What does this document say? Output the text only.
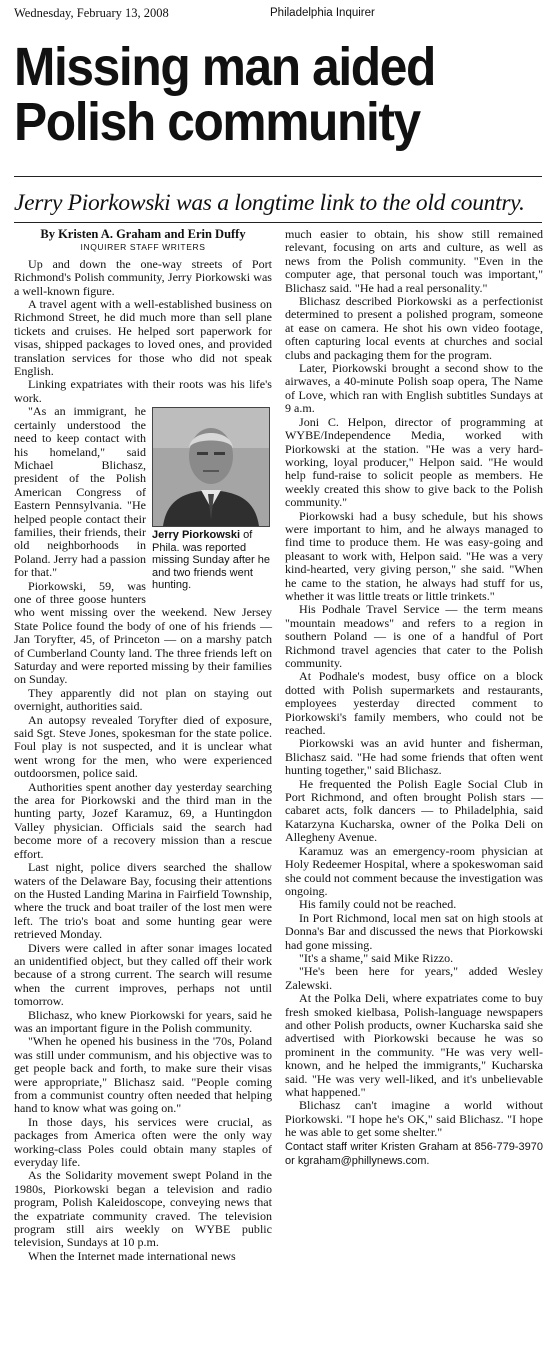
Wednesday, February 13, 2008	Philadelphia Inquirer
Missing man aided Polish community
Jerry Piorkowski was a longtime link to the old country.
By Kristen A. Graham and Erin Duffy
INQUIRER STAFF WRITERS

Up and down the one-way streets of Port Richmond's Polish community, Jerry Piorkowski was a well-known figure.

A travel agent with a well-established business on Richmond Street, he did much more than sell plane tickets and cruises. He helped sort paperwork for visas, shipped packages to loved ones, and provided translation services for those who did not speak English.

Linking expatriates with their roots was his life's work.

Jerry Piorkowski of Phila. was reported missing Sunday after he and two friends went hunting.

"As an immigrant, he certainly understood the need to keep contact with his homeland," said Michael Blichasz, president of the Polish American Congress of Eastern Pennsylvania. "He helped people contact their families, their friends, their old neighborhoods in Poland. Jerry had a passion for that."

Piorkowski, 59, was one of three goose hunters who went missing over the weekend. New Jersey State Police found the body of one of his friends — Jan Toryfter, 45, of Princeton — on a marshy patch of Cumberland County land. The three friends left on Saturday and were reported missing by their families on Sunday.

They apparently did not plan on staying out overnight, authorities said.

An autopsy revealed Toryfter died of exposure, said Sgt. Steve Jones, spokesman for the state police. Foul play is not suspected, and it is unclear what went wrong for the men, who were experienced outdoorsmen, police said.

Authorities spent another day yesterday searching the area for Piorkowski and the third man in the hunting party, Jozef Karamuz, 69, a Huntingdon Valley physician. Officials said the search had become more of a recovery mission than a rescue effort.

Last night, police divers searched the shallow waters of the Delaware Bay, focusing their attentions on the Husted Landing Marina in Fairfield Township, where the truck and boat trailer of the lost men were left. The trio's boat and some hunting gear were retrieved Monday.

Divers were called in after sonar images located an unidentified object, but they called off their work because of a strong current. The search will resume when the current improves, perhaps not until tomorrow.

Blichasz, who knew Piorkowski for years, said he was an important figure in the Polish community.

"When he opened his business in the '70s, Poland was still under communism, and his objective was to get people back and forth, to make sure their visas were appropriate," Blichasz said. "People coming from a communist country often needed that helping hand to know what was going on."

In those days, his services were crucial, as packages from America often were the only way working-class Poles could obtain many staples of everyday life.

As the Solidarity movement swept Poland in the 1980s, Piorkowski began a television and radio program, Polish Kaleidoscope, conveying news that the expatriate community craved. The television program still airs weekly on WYBE public television, Sundays at 10 p.m.

When the Internet made international news

much easier to obtain, his show still remained relevant, focusing on arts and culture, as well as news from the Polish community. "Even in the computer age, that personal touch was important," Blichasz said. "He had a real personality."

Blichasz described Piorkowski as a perfectionist determined to present a polished program, someone at ease on camera. He shot his own video footage, often capturing local events at churches and social clubs and packaging them for the program.

Later, Piorkowski brought a second show to the airwaves, a 40-minute Polish soap opera, The Name of Love, which ran with English subtitles Sundays at 9 a.m.

Joni C. Helpon, director of programming at WYBE/Independence Media, worked with Piorkowski at the station. "He was a very hard-working, loyal producer," Helpon said. "He would help fund-raise to solicit people as members. He weekly created this show to give back to the Polish community."

Piorkowski had a busy schedule, but his shows were important to him, and he always managed to find time to produce them. He was easy-going and pleasant to work with, Helpon said. "He was a very kind-hearted, very giving person," she said. "When he came to the station, he always had stuff for us, whether it was little treats or little trinkets."

His Podhale Travel Service — the term means "mountain meadows" and refers to a region in southern Poland — is one of a handful of Port Richmond travel agencies that cater to the Polish community.

At Podhale's modest, busy office on a block dotted with Polish supermarkets and restaurants, employees yesterday directed comment to Piorkowski's family members, who could not be reached.

Piorkowski was an avid hunter and fisherman, Blichasz said. "He had some friends that often went hunting together," said Blichasz.

He frequented the Polish Eagle Social Club in Port Richmond, and often brought Polish stars — cabaret acts, folk dancers — to Philadelphia, said Katarzyna Kucharska, owner of the Polka Deli on Allegheny Avenue.

Karamuz was an emergency-room physician at Holy Redeemer Hospital, where a spokeswoman said she could not comment because the investigation was ongoing.

His family could not be reached.

In Port Richmond, local men sat on high stools at Donna's Bar and discussed the news that Piorkowski had gone missing.

"It's a shame," said Mike Rizzo.

"He's been here for years," added Wesley Zalewski.

At the Polka Deli, where expatriates come to buy fresh smoked kielbasa, Polish-language newspapers and other Polish products, owner Kucharska said she advertised with Piorkowski because he was so prominent in the community. "He was very well-known, and he helped the immigrants," Kucharska said. "He was very well-liked, and it's unbelievable what happened."

Blichasz can't imagine a world without Piorkowski. "I hope he's OK," said Blichasz. "I hope he was able to get some shelter."

Contact staff writer Kristen Graham at 856-779-3970 or kgraham@phillynews.com.
